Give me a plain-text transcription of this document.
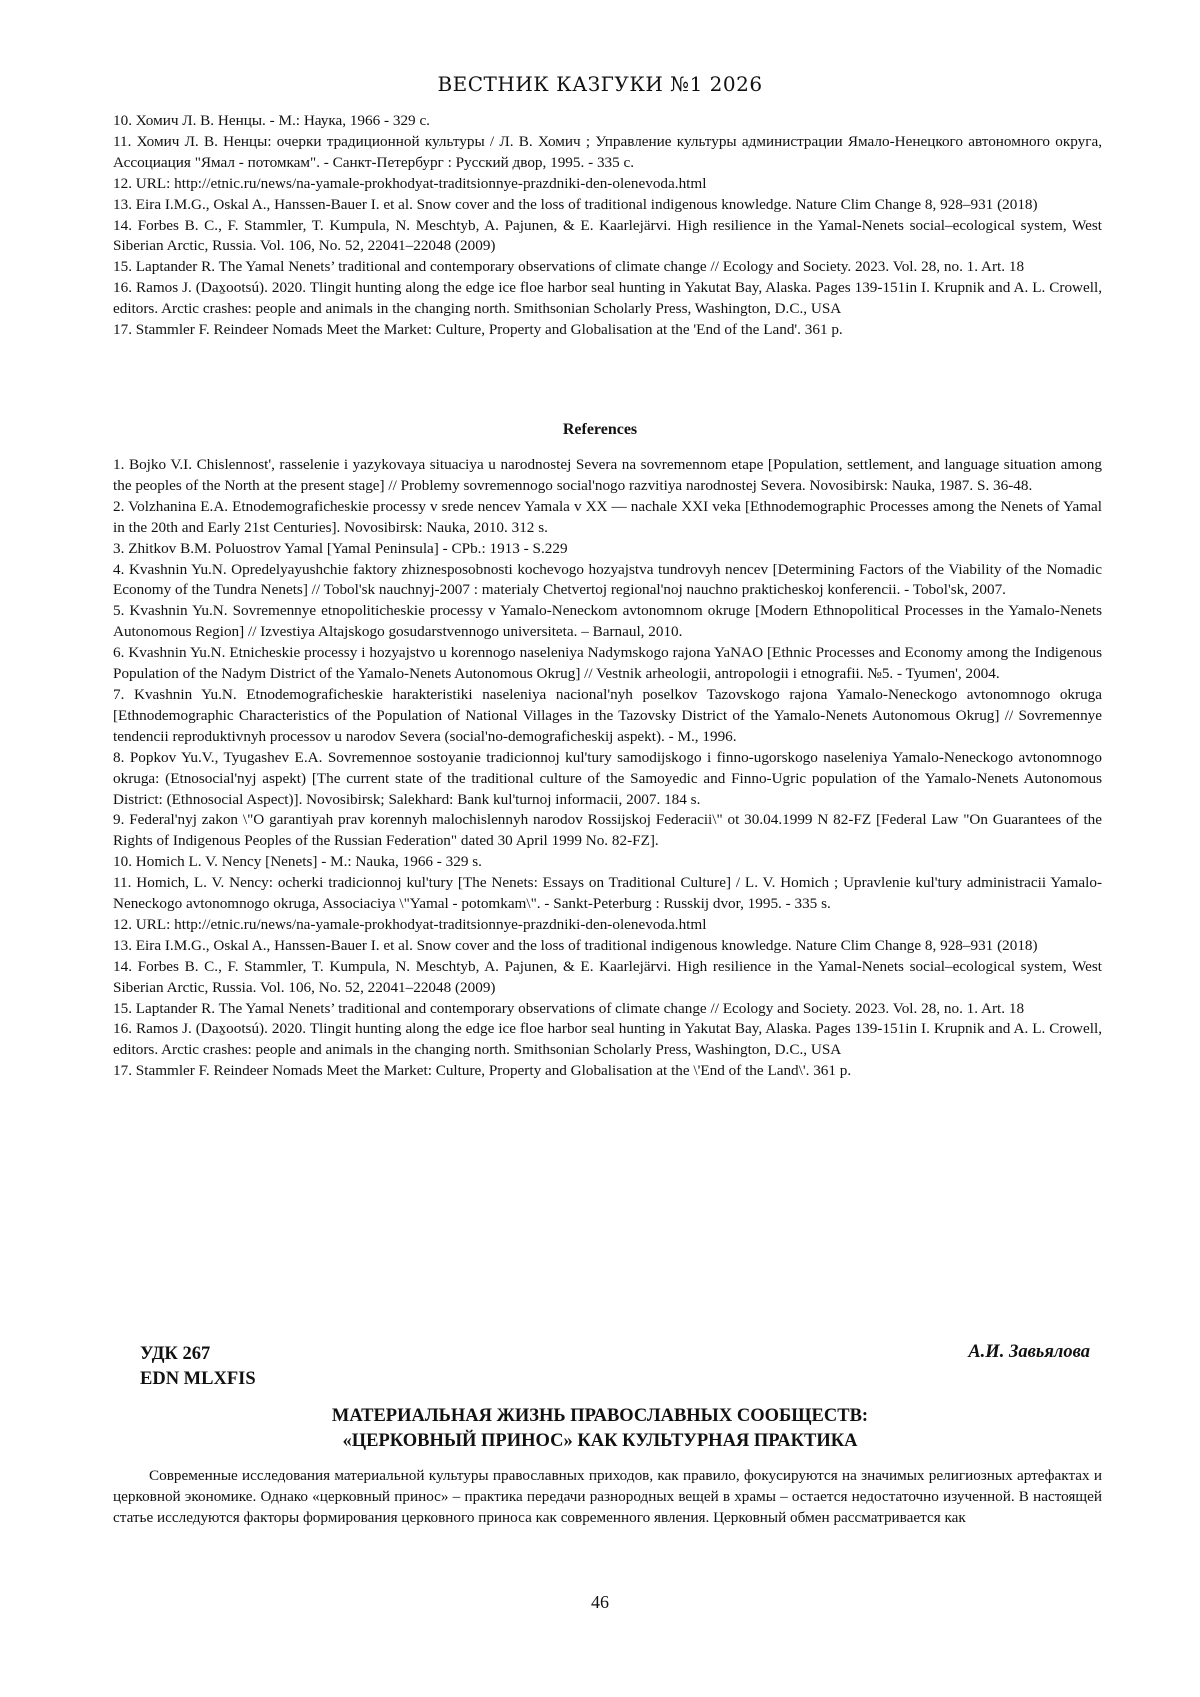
ВЕСТНИК КАЗГУКИ №1 2026

10. Хомич Л. В. Ненцы. - М.: Наука, 1966 - 329 с.

11. Хомич Л. В. Ненцы: очерки традиционной культуры / Л. В. Хомич ; Управление культуры администрации Ямало-Ненецкого автономного округа, Ассоциация "Ямал - потомкам". - Санкт-Петербург : Русский двор, 1995. - 335 с.

12. URL: http://etnic.ru/news/na-yamale-prokhodyat-traditsionnye-prazdniki-den-olenevoda.html

13. Eira I.M.G., Oskal A., Hanssen-Bauer I. et al. Snow cover and the loss of traditional indigenous knowledge. Nature Clim Change 8, 928–931 (2018)

14. Forbes B. C., F. Stammler, T. Kumpula, N. Meschtyb, A. Pajunen, & E. Kaarlejärvi. High resilience in the Yamal-Nenets social–ecological system, West Siberian Arctic, Russia. Vol. 106, No. 52, 22041–22048 (2009)

15. Laptander R. The Yamal Nenets’ traditional and contemporary observations of climate change // Ecology and Society. 2023. Vol. 28, no. 1. Art. 18

16. Ramos J. (Dax̱ootsú). 2020. Tlingit hunting along the edge ice floe harbor seal hunting in Yakutat Bay, Alaska. Pages 139-151in I. Krupnik and A. L. Crowell, editors. Arctic crashes: people and animals in the changing north. Smithsonian Scholarly Press, Washington, D.C., USA

17. Stammler F. Reindeer Nomads Meet the Market: Culture, Property and Globalisation at the 'End of the Land'. 361 p.

References

1. Bojko V.I. Chislennost', rasselenie i yazykovaya situaciya u narodnostej Severa na sovremennom etape [Population, settlement, and language situation among the peoples of the North at the present stage] // Problemy sovremennogo social'nogo razvitiya narodnostej Severa. Novosibirsk: Nauka, 1987. S. 36-48.

2. Volzhanina E.A. Etnodemograficheskie processy v srede nencev Yamala v XX — nachale XXI veka [Ethnodemographic Processes among the Nenets of Yamal in the 20th and Early 21st Centuries]. Novosibirsk: Nauka, 2010. 312 s.

3. Zhitkov B.M. Poluostrov Yamal [Yamal Peninsula] - CPb.: 1913 - S.229

4. Kvashnin Yu.N. Opredelyayushchie faktory zhiznesposobnosti kochevogo hozyajstva tundrovyh nencev [Determining Factors of the Viability of the Nomadic Economy of the Tundra Nenets] // Tobol'sk nauchnyj-2007 : materialy Chetvertoj regional'noj nauchno prakticheskoj konferencii. - Tobol'sk, 2007.

5. Kvashnin Yu.N. Sovremennye etnopoliticheskie processy v Yamalo-Neneckom avtonomnom okruge [Modern Ethnopolitical Processes in the Yamalo-Nenets Autonomous Region] // Izvestiya Altajskogo gosudarstvennogo universiteta. – Barnaul, 2010.

6. Kvashnin Yu.N. Etnicheskie processy i hozyajstvo u korennogo naseleniya Nadymskogo rajona YaNAO [Ethnic Processes and Economy among the Indigenous Population of the Nadym District of the Yamalo-Nenets Autonomous Okrug] // Vestnik arheologii, antropologii i etnografii. №5. - Tyumen', 2004.

7. Kvashnin Yu.N. Etnodemograficheskie harakteristiki naseleniya nacional'nyh poselkov Tazovskogo rajona Yamalo-Neneckogo avtonomnogo okruga [Ethnodemographic Characteristics of the Population of National Villages in the Tazovsky District of the Yamalo-Nenets Autonomous Okrug] // Sovremennye tendencii reproduktivnyh processov u narodov Severa (social'no-demograficheskij aspekt). - M., 1996.

8. Popkov Yu.V., Tyugashev E.A. Sovremennoe sostoyanie tradicionnoj kul'tury samodijskogo i finno-ugorskogo naseleniya Yamalo-Neneckogo avtonomnogo okruga: (Etnosocial'nyj aspekt) [The current state of the traditional culture of the Samoyedic and Finno-Ugric population of the Yamalo-Nenets Autonomous District: (Ethnosocial Aspect)]. Novosibirsk; Salekhard: Bank kul'turnoj informacii, 2007. 184 s.

9. Federal'nyj zakon \"O garantiyah prav korennyh malochislennyh narodov Rossijskoj Federacii\" ot 30.04.1999 N 82-FZ [Federal Law "On Guarantees of the Rights of Indigenous Peoples of the Russian Federation" dated 30 April 1999 No. 82-FZ].

10. Homich L. V. Nency [Nenets] - M.: Nauka, 1966 - 329 s.

11. Homich, L. V. Nency: ocherki tradicionnoj kul'tury [The Nenets: Essays on Traditional Culture] / L. V. Homich ; Upravlenie kul'tury administracii Yamalo-Neneckogo avtonomnogo okruga, Associaciya \"Yamal - potomkam\". - Sankt-Peterburg : Russkij dvor, 1995. - 335 s.

12. URL: http://etnic.ru/news/na-yamale-prokhodyat-traditsionnye-prazdniki-den-olenevoda.html

13. Eira I.M.G., Oskal A., Hanssen-Bauer I. et al. Snow cover and the loss of traditional indigenous knowledge. Nature Clim Change 8, 928–931 (2018)

14. Forbes B. C., F. Stammler, T. Kumpula, N. Meschtyb, A. Pajunen, & E. Kaarlejärvi. High resilience in the Yamal-Nenets social–ecological system, West Siberian Arctic, Russia. Vol. 106, No. 52, 22041–22048 (2009)

15. Laptander R. The Yamal Nenets’ traditional and contemporary observations of climate change // Ecology and Society. 2023. Vol. 28, no. 1. Art. 18

16. Ramos J. (Dax̱ootsú). 2020. Tlingit hunting along the edge ice floe harbor seal hunting in Yakutat Bay, Alaska. Pages 139-151in I. Krupnik and A. L. Crowell, editors. Arctic crashes: people and animals in the changing north. Smithsonian Scholarly Press, Washington, D.C., USA

17. Stammler F. Reindeer Nomads Meet the Market: Culture, Property and Globalisation at the \'End of the Land\'. 361 p.

УДК 267
EDN MLXFIS
А.И. Завьялова
МАТЕРИАЛЬНАЯ ЖИЗНЬ ПРАВОСЛАВНЫХ СООБЩЕСТВ:
«ЦЕРКОВНЫЙ ПРИНОС» КАК КУЛЬТУРНАЯ ПРАКТИКА
Современные исследования материальной культуры православных приходов, как правило, фокусируются на значимых религиозных артефактах и церковной экономике. Однако «церковный принос» – практика передачи разнородных вещей в храмы – остается недостаточно изученной. В настоящей статье исследуются факторы формирования церковного приноса как современного явления. Церковный обмен рассматривается как
46
